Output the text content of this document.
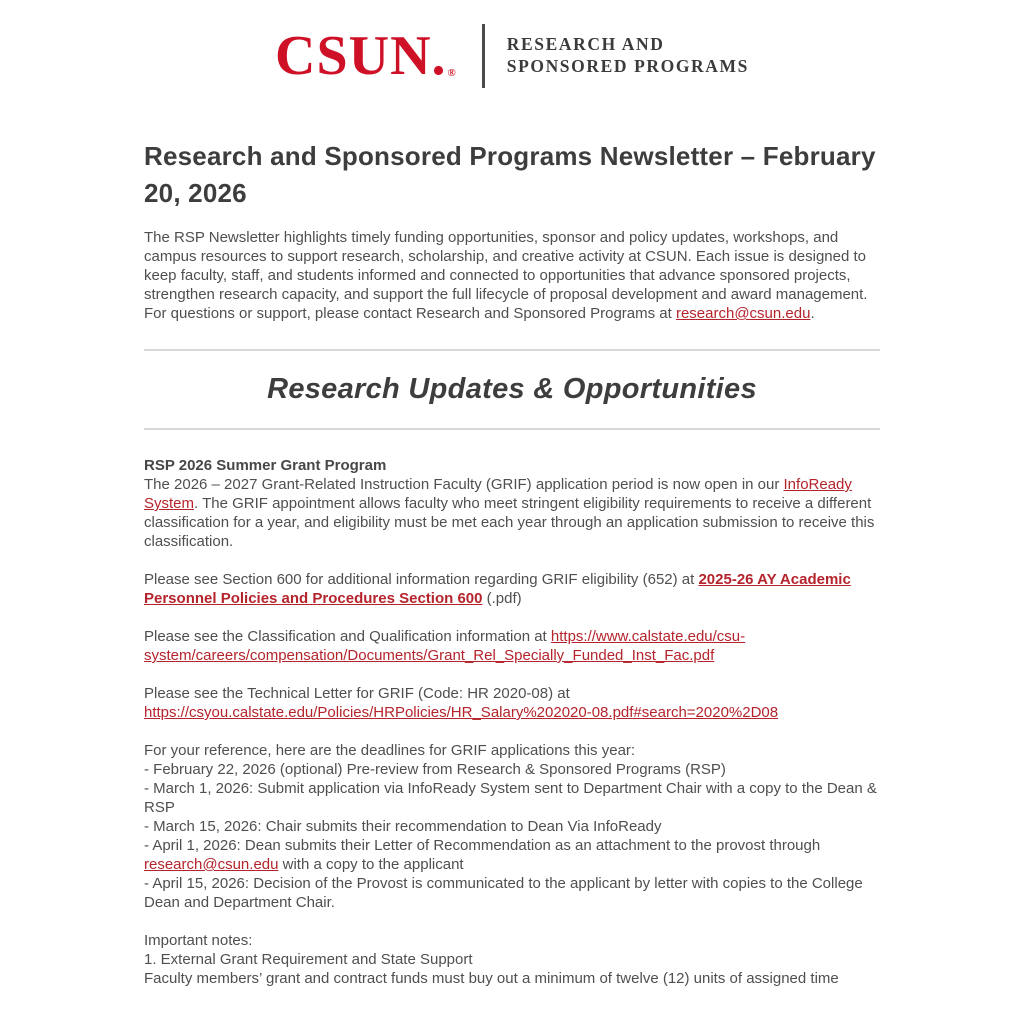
CSUN.®
RESEARCH AND
SPONSORED PROGRAMS
Research and Sponsored Programs Newsletter – February 20, 2026

The RSP Newsletter highlights timely funding opportunities, sponsor and policy updates, workshops, and campus resources to support research, scholarship, and creative activity at CSUN. Each issue is designed to keep faculty, staff, and students informed and connected to opportunities that advance sponsored projects, strengthen research capacity, and support the full lifecycle of proposal development and award management. For questions or support, please contact Research and Sponsored Programs at research@csun.edu.

Research Updates & Opportunities
RSP 2026 Summer Grant Program
The 2026 – 2027 Grant-Related Instruction Faculty (GRIF) application period is now open in our InfoReady System. The GRIF appointment allows faculty who meet stringent eligibility requirements to receive a different classification for a year, and eligibility must be met each year through an application submission to receive this classification.
Please see Section 600 for additional information regarding GRIF eligibility (652) at 2025-26 AY Academic Personnel Policies and Procedures Section 600 (.pdf)
Please see the Classification and Qualification information at https://www.calstate.edu/csu-system/careers/compensation/Documents/Grant_Rel_Specially_Funded_Inst_Fac.pdf
Please see the Technical Letter for GRIF (Code: HR 2020-08) at https://csyou.calstate.edu/Policies/HRPolicies/HR_Salary%202020-08.pdf#search=2020%2D08
For your reference, here are the deadlines for GRIF applications this year:
- February 22, 2026 (optional) Pre-review from Research & Sponsored Programs (RSP)
- March 1, 2026: Submit application via InfoReady System sent to Department Chair with a copy to the Dean & RSP
- March 15, 2026: Chair submits their recommendation to Dean Via InfoReady
- April 1, 2026: Dean submits their Letter of Recommendation as an attachment to the provost through research@csun.edu with a copy to the applicant
- April 15, 2026: Decision of the Provost is communicated to the applicant by letter with copies to the College Dean and Department Chair.
Important notes:
1. External Grant Requirement and State Support
Faculty members’ grant and contract funds must buy out a minimum of twelve (12) units of assigned time
